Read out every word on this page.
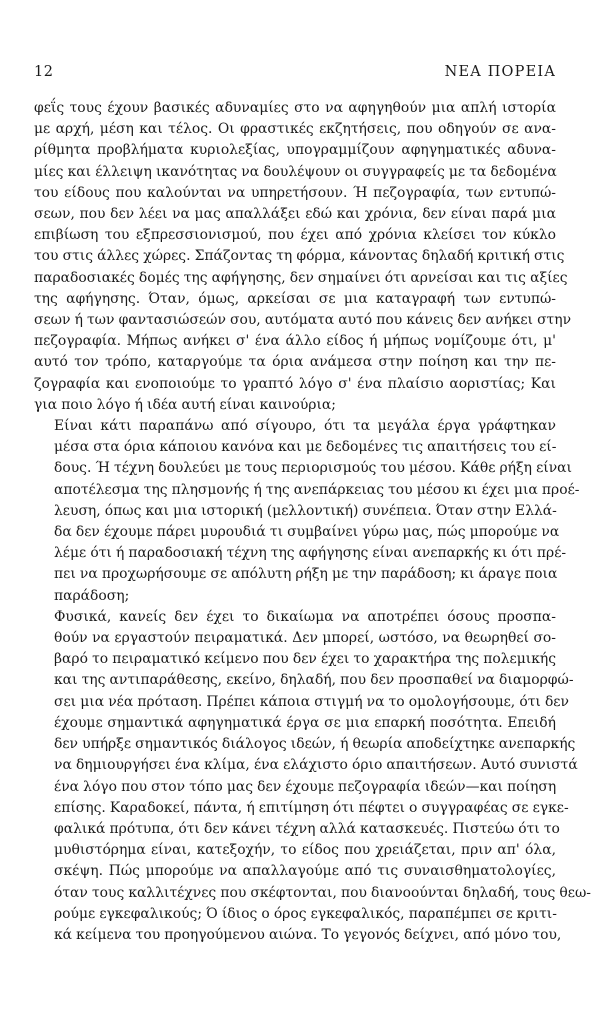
12	ΝΕΑ ΠΟΡΕΙΑ

φεΐς τους έχουν βασικές αδυναμίες στο να αφηγηθούν μια απλή ιστορία
με αρχή, μέση και τέλος. Οι φραστικές εκζητήσεις, που οδηγούν σε ανα-
ρίθμητα προβλήματα κυριολεξίας, υπογραμμίζουν αφηγηματικές αδυνα-
μίες και έλλειψη ικανότητας να δουλέψουν οι συγγραφείς με τα δεδομένα
του είδους που καλούνται να υπηρετήσουν. Ή πεζογραφία, των εντυπώ-
σεων, που δεν λέει να μας απαλλάξει εδώ και χρόνια, δεν είναι παρά μια
επιβίωση του εξπρεσσιονισμού, που έχει από χρόνια κλείσει τον κύκλο
του στις άλλες χώρες. Σπάζοντας τη φόρμα, κάνοντας δηλαδή κριτική στις
παραδοσιακές δομές της αφήγησης, δεν σημαίνει ότι αρνείσαι και τις αξίες
της αφήγησης. Όταν, όμως, αρκείσαι σε μια καταγραφή των εντυπώ-
σεων ή των φαντασιώσεών σου, αυτόματα αυτό που κάνεις δεν ανήκει στην
πεζογραφία. Μήπως ανήκει σ' ένα άλλο είδος ή μήπως νομίζουμε ότι, μ'
αυτό τον τρόπο, καταργούμε τα όρια ανάμεσα στην ποίηση και την πε-
ζογραφία και ενοποιούμε το γραπτό λόγο σ' ένα πλαίσιο αοριστίας; Και
για ποιο λόγο ή ιδέα αυτή είναι καινούρια;

Είναι κάτι παραπάνω από σίγουρο, ότι τα μεγάλα έργα γράφτηκαν
μέσα στα όρια κάποιου κανόνα και με δεδομένες τις απαιτήσεις του εί-
δους. Ή τέχνη δουλεύει με τους περιορισμούς του μέσου. Κάθε ρήξη είναι
αποτέλεσμα της πλησμονής ή της ανεπάρκειας του μέσου κι έχει μια προέ-
λευση, όπως και μια ιστορική (μελλοντική) συνέπεια. Όταν στην Ελλά-
δα δεν έχουμε πάρει μυρουδιά τι συμβαίνει γύρω μας, πώς μπορούμε να
λέμε ότι ή παραδοσιακή τέχνη της αφήγησης είναι ανεπαρκής κι ότι πρέ-
πει να προχωρήσουμε σε απόλυτη ρήξη με την παράδοση; κι άραγε ποια
παράδοση;

Φυσικά, κανείς δεν έχει το δικαίωμα να αποτρέπει όσους προσπα-
θούν να εργαστούν πειραματικά. Δεν μπορεί, ωστόσο, να θεωρηθεί σο-
βαρό το πειραματικό κείμενο που δεν έχει το χαρακτήρα της πολεμικής
και της αντιπαράθεσης, εκείνο, δηλαδή, που δεν προσπαθεί να διαμορφώ-
σει μια νέα πρόταση. Πρέπει κάποια στιγμή να το ομολογήσουμε, ότι δεν
έχουμε σημαντικά αφηγηματικά έργα σε μια επαρκή ποσότητα. Επειδή
δεν υπήρξε σημαντικός διάλογος ιδεών, ή θεωρία αποδείχτηκε ανεπαρκής
να δημιουργήσει ένα κλίμα, ένα ελάχιστο όριο απαιτήσεων. Αυτό συνιστά
ένα λόγο που στον τόπο μας δεν έχουμε πεζογραφία ιδεών—και ποίηση
επίσης. Καραδοκεί, πάντα, ή επιτίμηση ότι πέφτει ο συγγραφέας σε εγκε-
φαλικά πρότυπα, ότι δεν κάνει τέχνη αλλά κατασκευές. Πιστεύω ότι το
μυθιστόρημα είναι, κατεξοχήν, το είδος που χρειάζεται, πριν απ' όλα,
σκέψη. Πώς μπορούμε να απαλλαγούμε από τις συναισθηματολογίες,
όταν τους καλλιτέχνες που σκέφτονται, που διανοούνται δηλαδή, τους θεω-
ρούμε εγκεφαλικούς; Ό ίδιος ο όρος εγκεφαλικός, παραπέμπει σε κριτι-
κά κείμενα του προηγούμενου αιώνα. Το γεγονός δείχνει, από μόνο του,
